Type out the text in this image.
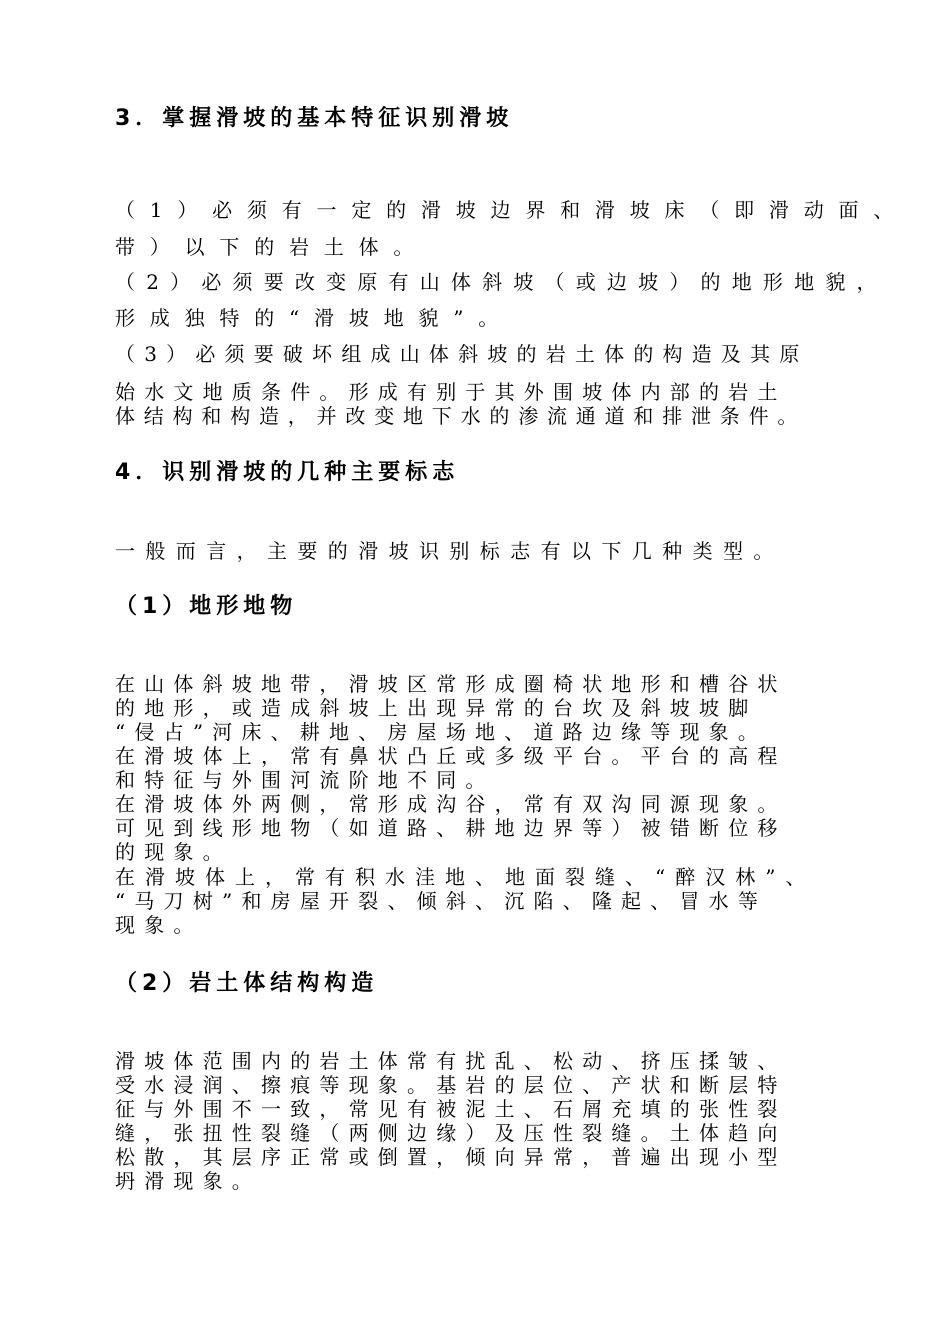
3．掌握滑坡的基本特征识别滑坡

（1）必须有一定的滑坡边界和滑坡床（即滑动面、

带）以下的岩土体。

（2）必须要改变原有山体斜坡（或边坡）的地形地貌，

形成独特的“滑坡地貌”。

（3）必须要破坏组成山体斜坡的岩土体的构造及其原

始水文地质条件。形成有别于其外围坡体内部的岩土

体结构和构造，并改变地下水的渗流通道和排泄条件。

4．识别滑坡的几种主要标志

一般而言，主要的滑坡识别标志有以下几种类型。

（1）地形地物

在山体斜坡地带，滑坡区常形成圈椅状地形和槽谷状

的地形，或造成斜坡上出现异常的台坎及斜坡坡脚

“侵占”河床、耕地、房屋场地、道路边缘等现象。

在滑坡体上，常有鼻状凸丘或多级平台。平台的高程

和特征与外围河流阶地不同。

在滑坡体外两侧，常形成沟谷，常有双沟同源现象。

可见到线形地物（如道路、耕地边界等）被错断位移

的现象。

在滑坡体上，常有积水洼地、地面裂缝、“醉汉林”、

“马刀树”和房屋开裂、倾斜、沉陷、隆起、冒水等

现象。

（2）岩土体结构构造

滑坡体范围内的岩土体常有扰乱、松动、挤压揉皱、

受水浸润、擦痕等现象。基岩的层位、产状和断层特

征与外围不一致，常见有被泥土、石屑充填的张性裂

缝，张扭性裂缝（两侧边缘）及压性裂缝。土体趋向

松散，其层序正常或倒置，倾向异常，普遍出现小型

坍滑现象。
